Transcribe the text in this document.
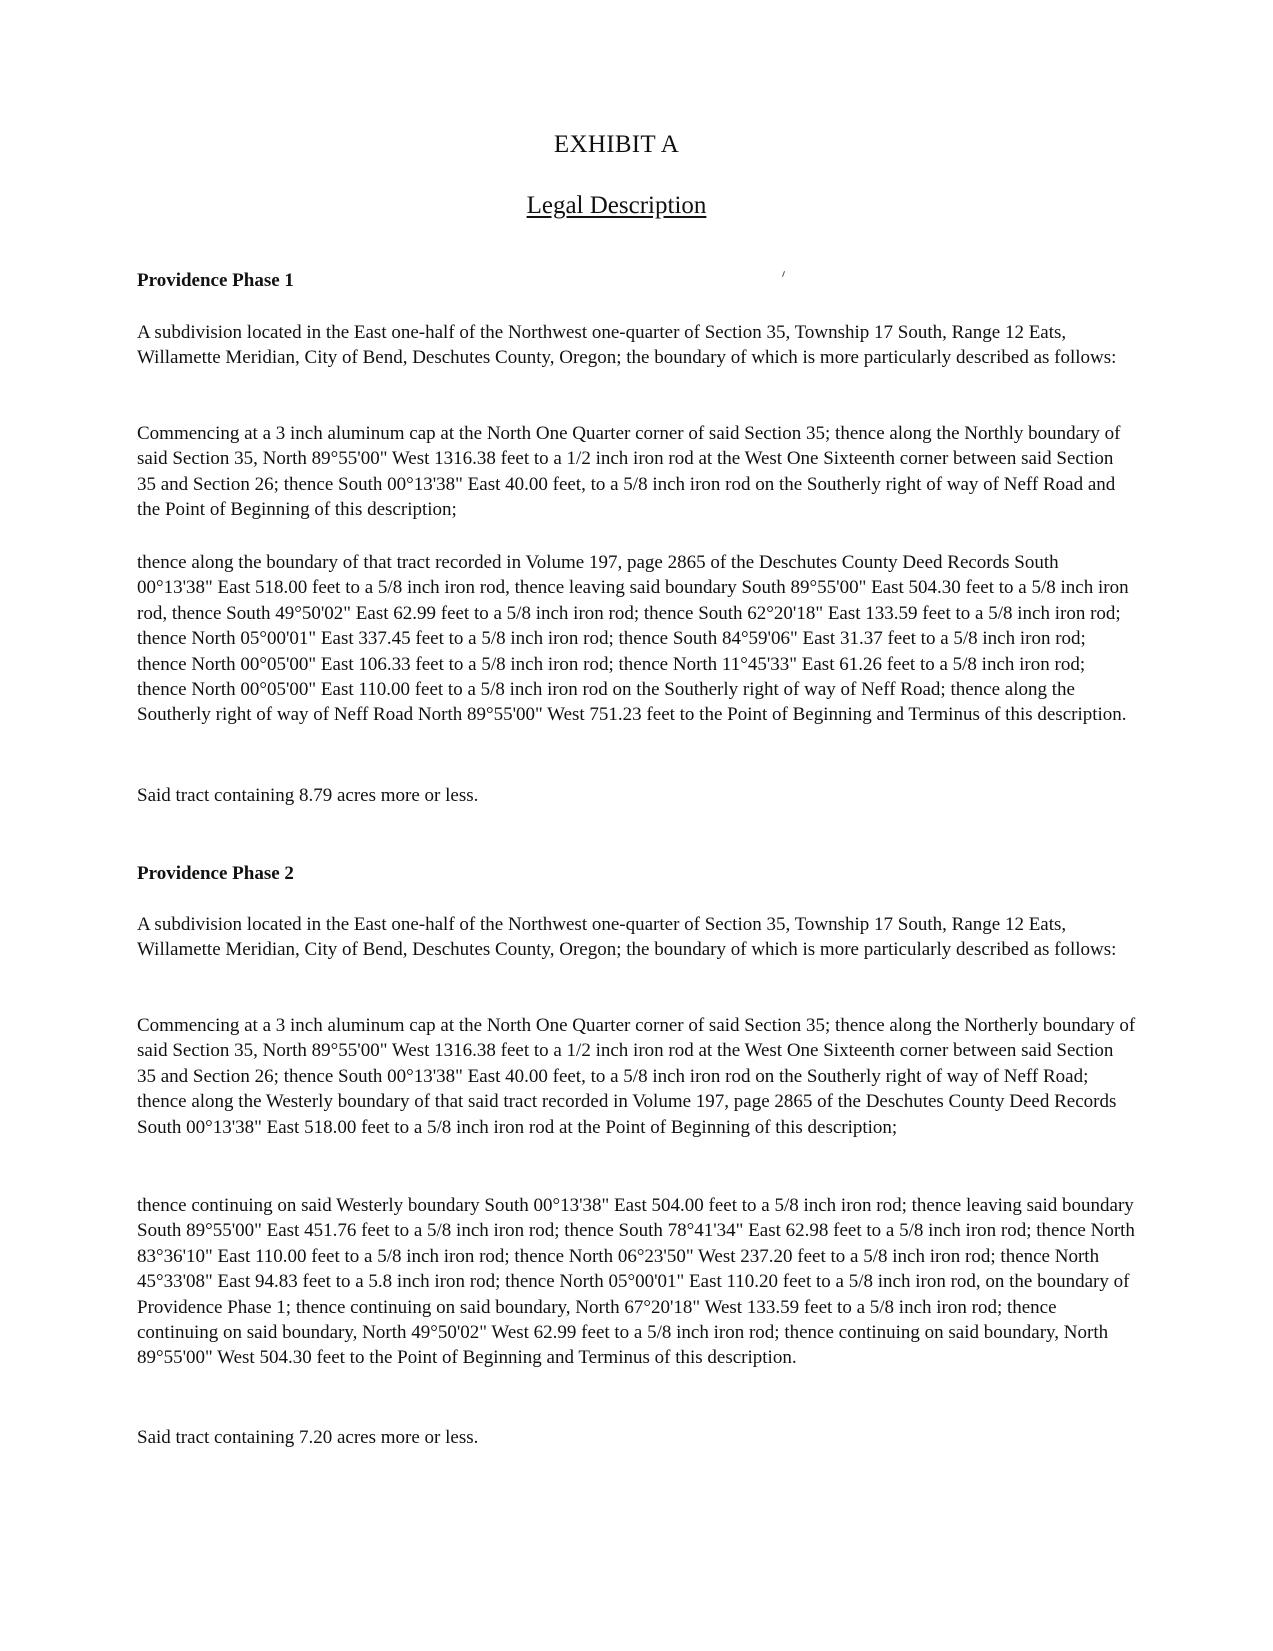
EXHIBIT A
Legal Description
Providence Phase 1

A subdivision located in the East one-half of the Northwest one-quarter of Section 35, Township 17 South, Range 12 Eats, Willamette Meridian, City of Bend, Deschutes County, Oregon; the boundary of which is more particularly described as follows:

Commencing at a 3 inch aluminum cap at the North One Quarter corner of said Section 35; thence along the Northly boundary of said Section 35, North 89°55'00" West 1316.38 feet to a 1/2 inch iron rod at the West One Sixteenth corner between said Section 35 and Section 26; thence South 00°13'38" East 40.00 feet, to a 5/8 inch iron rod on the Southerly right of way of Neff Road and the Point of Beginning of this description;

thence along the boundary of that tract recorded in Volume 197, page 2865 of the Deschutes County Deed Records South 00°13'38" East 518.00 feet to a 5/8 inch iron rod, thence leaving said boundary South 89°55'00" East 504.30 feet to a 5/8 inch iron rod, thence South 49°50'02" East 62.99 feet to a 5/8 inch iron rod; thence South 62°20'18" East 133.59 feet to a 5/8 inch iron rod; thence North 05°00'01" East 337.45 feet to a 5/8 inch iron rod; thence South 84°59'06" East 31.37 feet to a 5/8 inch iron rod; thence North 00°05'00" East 106.33 feet to a 5/8 inch iron rod; thence North 11°45'33" East 61.26 feet to a 5/8 inch iron rod; thence North 00°05'00" East 110.00 feet to a 5/8 inch iron rod on the Southerly right of way of Neff Road; thence along the Southerly right of way of Neff Road North 89°55'00" West 751.23 feet to the Point of Beginning and Terminus of this description.

Said tract containing 8.79 acres more or less.

Providence Phase 2

A subdivision located in the East one-half of the Northwest one-quarter of Section 35, Township 17 South, Range 12 Eats, Willamette Meridian, City of Bend, Deschutes County, Oregon; the boundary of which is more particularly described as follows:

Commencing at a 3 inch aluminum cap at the North One Quarter corner of said Section 35; thence along the Northerly boundary of said Section 35, North 89°55'00" West 1316.38 feet to a 1/2 inch iron rod at the West One Sixteenth corner between said Section 35 and Section 26; thence South 00°13'38" East 40.00 feet, to a 5/8 inch iron rod on the Southerly right of way of Neff Road; thence along the Westerly boundary of that said tract recorded in Volume 197, page 2865 of the Deschutes County Deed Records South 00°13'38" East 518.00 feet to a 5/8 inch iron rod at the Point of Beginning of this description;

thence continuing on said Westerly boundary South 00°13'38" East 504.00 feet to a 5/8 inch iron rod; thence leaving said boundary South 89°55'00" East 451.76 feet to a 5/8 inch iron rod; thence South 78°41'34" East 62.98 feet to a 5/8 inch iron rod; thence North 83°36'10" East 110.00 feet to a 5/8 inch iron rod; thence North 06°23'50" West 237.20 feet to a 5/8 inch iron rod; thence North 45°33'08" East 94.83 feet to a 5.8 inch iron rod; thence North 05°00'01" East 110.20 feet to a 5/8 inch iron rod, on the boundary of Providence Phase 1; thence continuing on said boundary, North 67°20'18" West 133.59 feet to a 5/8 inch iron rod; thence continuing on said boundary, North 49°50'02" West 62.99 feet to a 5/8 inch iron rod; thence continuing on said boundary, North 89°55'00" West 504.30 feet to the Point of Beginning and Terminus of this description.

Said tract containing 7.20 acres more or less.
